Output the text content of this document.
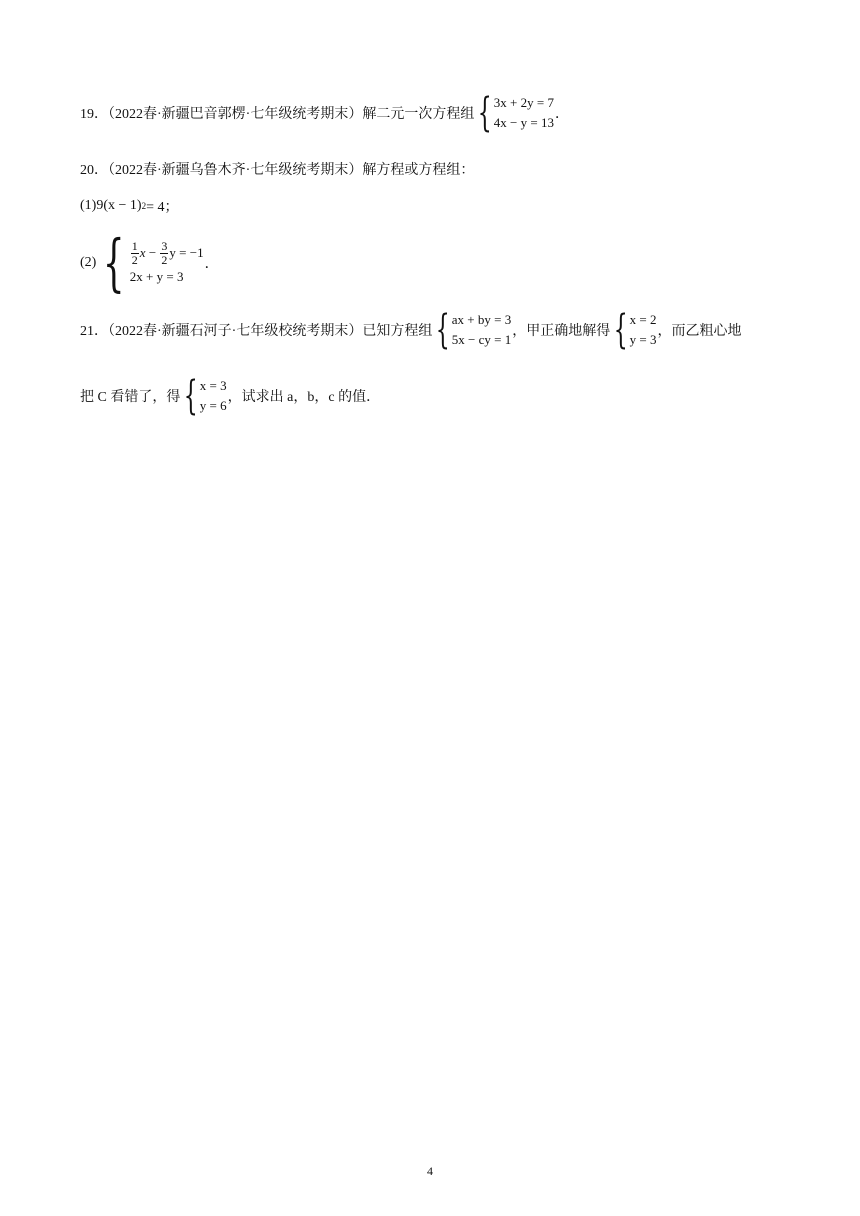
19．（2022春·新疆巴音郭楞·七年级统考期末）解二元一次方程组 { 3x + 2y = 7
4x − y = 13
．
20．（2022春·新疆乌鲁木齐·七年级统考期末）解方程或方程组：
(1) 9(x − 1) 2 = 4；
(2) { $\frac{1}{2}$ $x - \frac{3}{2}$ y = −1
2x + y = 3
．
21．（2022春·新疆石河子·七年级校统考期末）已知方程组 { ax + by = 3
5x − cy = 1
，甲正确地解得 { x = 2
y = 3
，而乙粗心地
把 C 看错了，得 { x = 3
y = 6
，试求出 a，b，c 的值．
4
